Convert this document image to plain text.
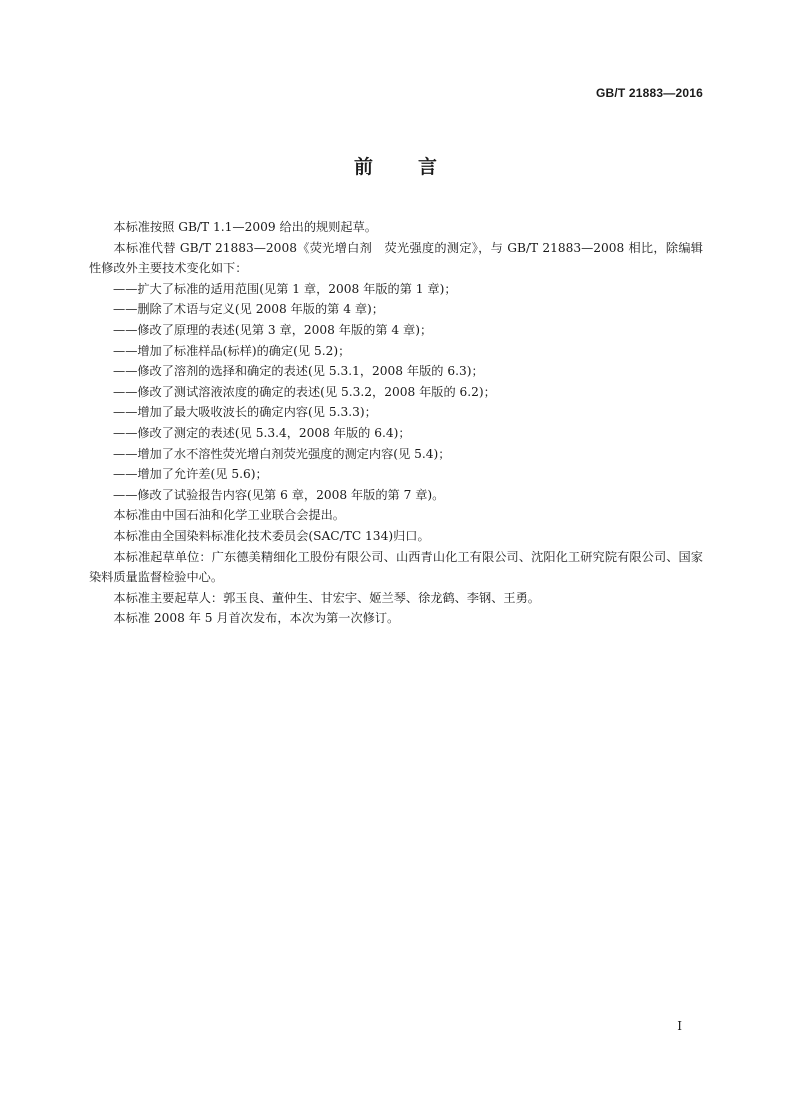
GB/T 21883—2016
前 言

本标准按照 GB/T 1.1—2009 给出的规则起草。

本标准代替 GB/T 21883—2008《荧光增白剂　荧光强度的测定》，与 GB/T 21883—2008 相比，除编辑性修改外主要技术变化如下：

——扩大了标准的适用范围(见第 1 章，2008 年版的第 1 章)；

——删除了术语与定义(见 2008 年版的第 4 章)；

——修改了原理的表述(见第 3 章，2008 年版的第 4 章)；

——增加了标准样品(标样)的确定(见 5.2)；

——修改了溶剂的选择和确定的表述(见 5.3.1，2008 年版的 6.3)；

——修改了测试溶液浓度的确定的表述(见 5.3.2，2008 年版的 6.2)；

——增加了最大吸收波长的确定内容(见 5.3.3)；

——修改了测定的表述(见 5.3.4，2008 年版的 6.4)；

——增加了水不溶性荧光增白剂荧光强度的测定内容(见 5.4)；

——增加了允许差(见 5.6)；

——修改了试验报告内容(见第 6 章，2008 年版的第 7 章)。

本标准由中国石油和化学工业联合会提出。

本标准由全国染料标准化技术委员会(SAC/TC 134)归口。

本标准起草单位：广东德美精细化工股份有限公司、山西青山化工有限公司、沈阳化工研究院有限公司、国家染料质量监督检验中心。

本标准主要起草人：郭玉良、董仲生、甘宏宇、姬兰琴、徐龙鹤、李钢、王勇。

本标准 2008 年 5 月首次发布，本次为第一次修订。

I
